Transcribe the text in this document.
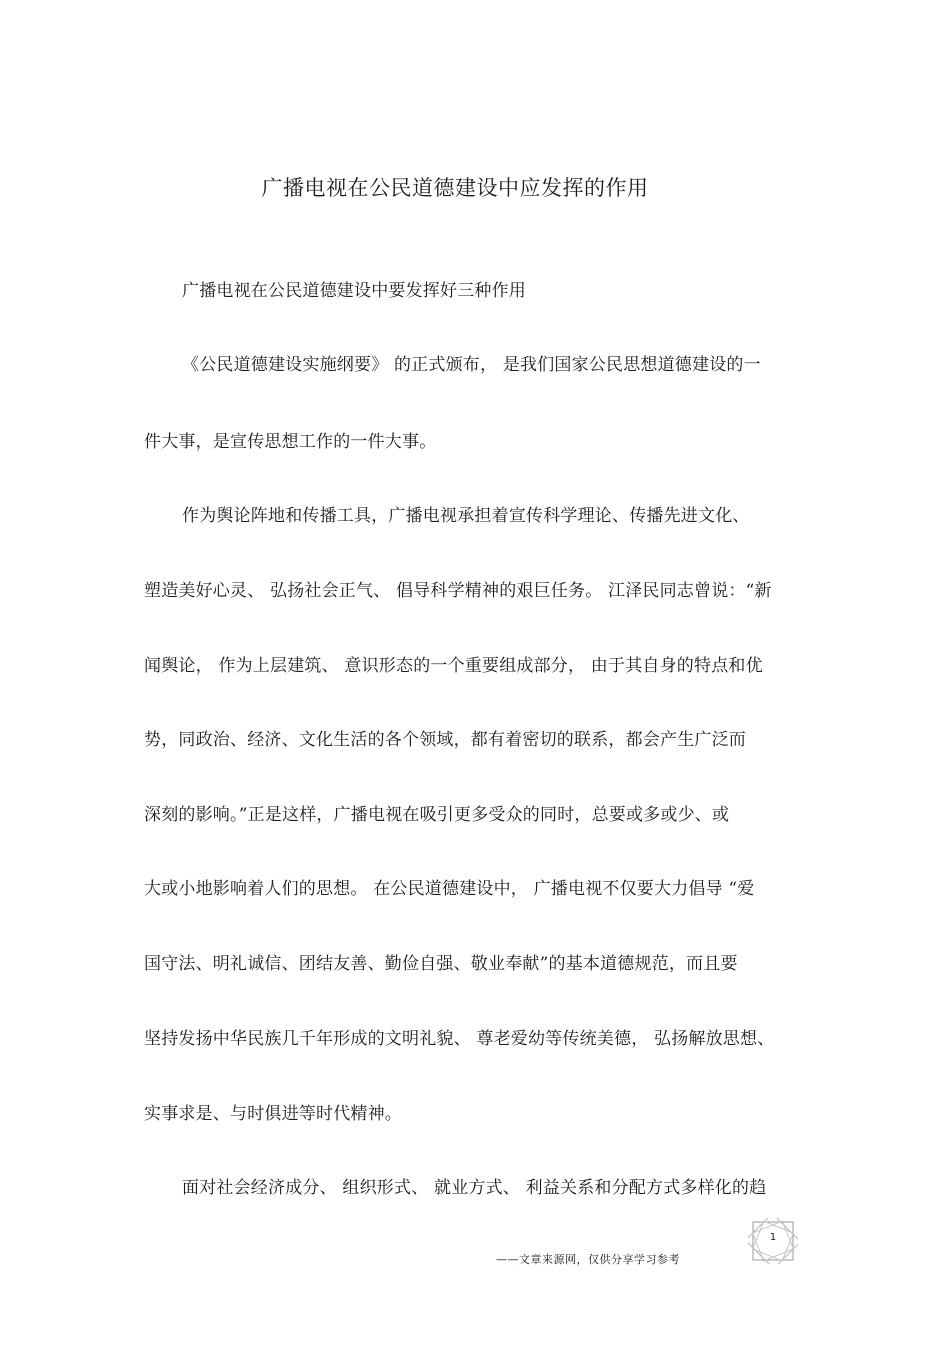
广播电视在公民道德建设中应发挥的作用

广播电视在公民道德建设中要发挥好三种作用

《公民道德建设实施纲要》 的正式颁布， 是我们国家公民思想道德建设的一

件大事，是宣传思想工作的一件大事。

作为舆论阵地和传播工具，广播电视承担着宣传科学理论、传播先进文化、

塑造美好心灵、 弘扬社会正气、 倡导科学精神的艰巨任务。 江泽民同志曾说：“新

闻舆论， 作为上层建筑、 意识形态的一个重要组成部分， 由于其自身的特点和优

势，同政治、经济、文化生活的各个领域，都有着密切的联系，都会产生广泛而

深刻的影响。”正是这样，广播电视在吸引更多受众的同时，总要或多或少、或

大或小地影响着人们的思想。 在公民道德建设中， 广播电视不仅要大力倡导 “爱

国守法、明礼诚信、团结友善、勤俭自强、敬业奉献”的基本道德规范，而且要

坚持发扬中华民族几千年形成的文明礼貌、 尊老爱幼等传统美德， 弘扬解放思想、

实事求是、与时俱进等时代精神。

面对社会经济成分、 组织形式、 就业方式、 利益关系和分配方式多样化的趋

1
——文章来源网，仅供分享学习参考
